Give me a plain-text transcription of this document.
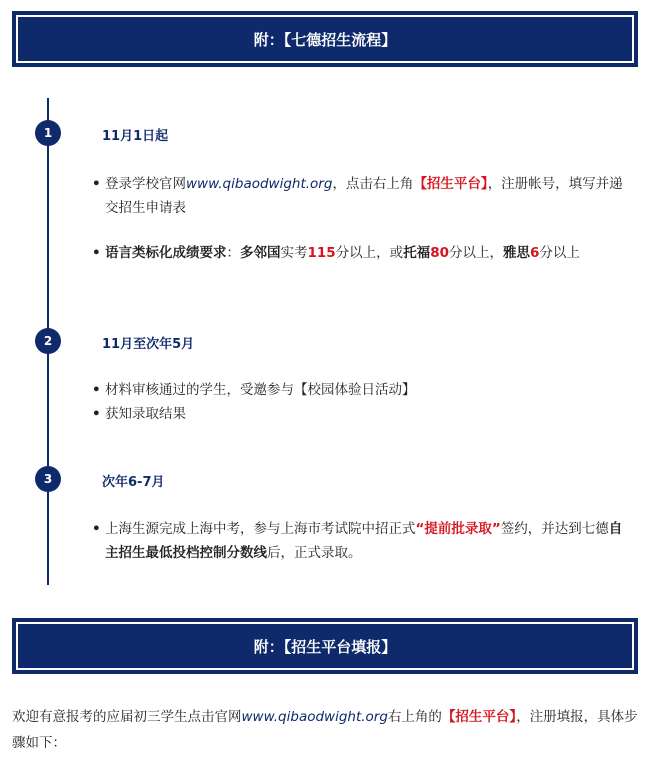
附：【七德招生流程】
1	11月1日起
• 登录学校官网www.qibaodwight.org，点击右上角【招生平台】，注册帐号，填写并递交招生申请表
• 语言类标化成绩要求：多邻国实考115分以上，或托福80分以上，雅思6分以上
2	11月至次年5月
• 材料审核通过的学生，受邀参与【校园体验日活动】
• 获知录取结果
3	次年6-7月
• 上海生源完成上海中考，参与上海市考试院中招正式“提前批录取”签约，并达到七德自主招生最低投档控制分数线后，正式录取。
附：【招生平台填报】
欢迎有意报考的应届初三学生点击官网www.qibaodwight.org右上角的【招生平台】，注册填报，具体步骤如下：
